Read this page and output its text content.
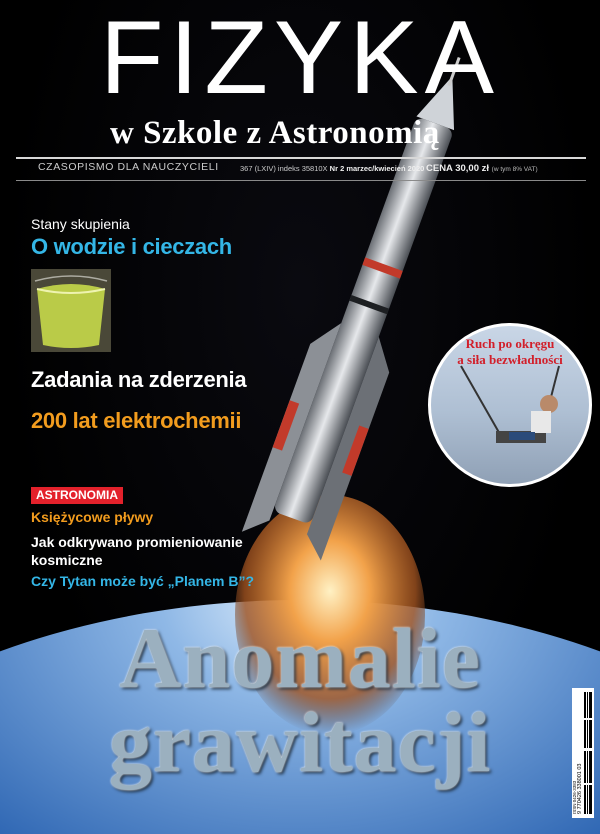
FIZYKA
w Szkole z Astronomią
CZASOPISMO DLA NAUCZYCIELI	367 (LXIV) indeks 35810X Nr 2 marzec/kwiecień 2020 CENA 30,00 zł (w tym 8% VAT)
Stany skupienia
O wodzie i cieczach
Zadania na zderzenia
200 lat elektrochemii
ASTRONOMIA
Księżycowe pływy
Jak odkrywano promieniowanie kosmiczne
Czy Tytan może być „Planem B”?
Ruch po okręgu
a siła bezwładności
Anomalie
grawitacji	9 770426 338001 03
ISSN 0426-3383
